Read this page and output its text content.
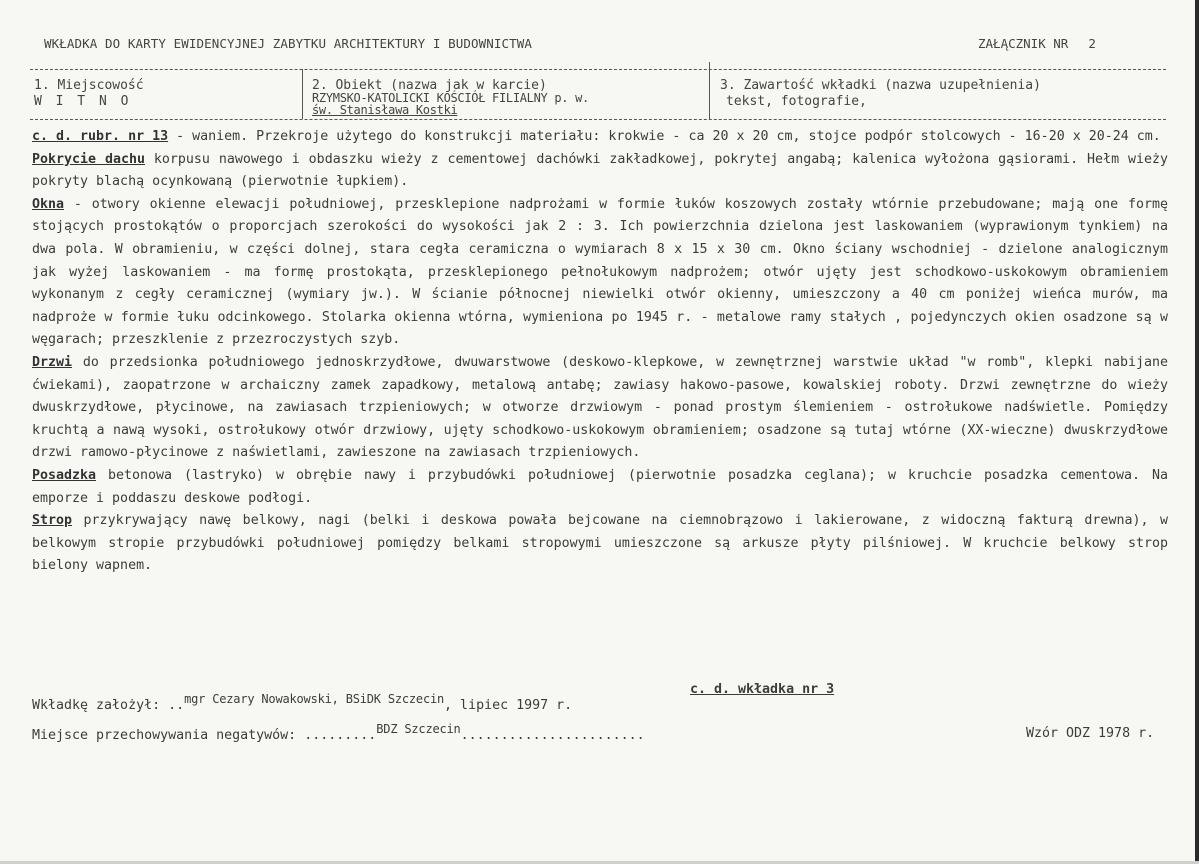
WKŁADKA DO KARTY EWIDENCYJNEJ ZABYTKU ARCHITEKTURY I BUDOWNICTWA	ZAŁĄCZNIK NR 2
1. Miejscowość
W I T N O
2. Obiekt (nazwa jak w karcie)
RZYMSKO-KATOLICKI KOŚCIÓŁ FILIALNY p. w.
św. Stanisława Kostki
3. Zawartość wkładki (nazwa uzupełnienia)
tekst, fotografie,

c. d. rubr. nr 13 - waniem. Przekroje użytego do konstrukcji materiału: krokwie - ca 20 x 20 cm, stojce podpór stolcowych - 16-20 x 20-24 cm.

Pokrycie dachu korpusu nawowego i obdaszku wieży z cementowej dachówki zakładkowej, pokrytej angabą; kalenica wyłożona gąsiorami. Hełm wieży pokryty blachą ocynkowaną (pierwotnie łupkiem).

Okna - otwory okienne elewacji południowej, przesklepione nadprożami w formie łuków koszowych zostały wtórnie przebudowane; mają one formę stojących prostokątów o proporcjach szerokości do wysokości jak 2 : 3. Ich powierzchnia dzielona jest laskowaniem (wyprawionym tynkiem) na dwa pola. W obramieniu, w części dolnej, stara cegła ceramiczna o wymiarach 8 x 15 x 30 cm. Okno ściany wschodniej - dzielone analogicznym jak wyżej laskowaniem - ma formę prostokąta, przesklepionego pełnołukowym nadprożem; otwór ujęty jest schodkowo-uskokowym obramieniem wykonanym z cegły ceramicznej (wymiary jw.). W ścianie północnej niewielki otwór okienny, umieszczony a 40 cm poniżej wieńca murów, ma nadproże w formie łuku odcinkowego. Stolarka okienna wtórna, wymieniona po 1945 r. - metalowe ramy stałych , pojedynczych okien osadzone są w węgarach; przeszklenie z przezroczystych szyb.

Drzwi do przedsionka południowego jednoskrzydłowe, dwuwarstwowe (deskowo-klepkowe, w zewnętrznej warstwie układ "w romb", klepki nabijane ćwiekami), zaopatrzone w archaiczny zamek zapadkowy, metalową antabę; zawiasy hakowo-pasowe, kowalskiej roboty. Drzwi zewnętrzne do wieży dwuskrzydłowe, płycinowe, na zawiasach trzpieniowych; w otworze drzwiowym - ponad prostym ślemieniem - ostrołukowe nadświetle. Pomiędzy kruchtą a nawą wysoki, ostrołukowy otwór drzwiowy, ujęty schodkowo-uskokowym obramieniem; osadzone są tutaj wtórne (XX-wieczne) dwuskrzydłowe drzwi ramowo-płycinowe z naświetlami, zawieszone na zawiasach trzpieniowych.

Posadzka betonowa (lastryko) w obrębie nawy i przybudówki południowej (pierwotnie posadzka ceglana); w kruchcie posadzka cementowa. Na emporze i poddaszu deskowe podłogi.

Strop przykrywający nawę belkowy, nagi (belki i deskowa powała bejcowane na ciemnobrązowo i lakierowane, z widoczną fakturą drewna), w belkowym stropie przybudówki południowej pomiędzy belkami stropowymi umieszczone są arkusze płyty pilśniowej. W kruchcie belkowy strop bielony wapnem.

c. d. wkładka nr 3
Wkładkę założył: ..mgr Cezary Nowakowski, BSiDK Szczecin, lipiec 1997 r.
Miejsce przechowywania negatywów: .........BDZ Szczecin.......................	Wzór ODZ 1978 r.
